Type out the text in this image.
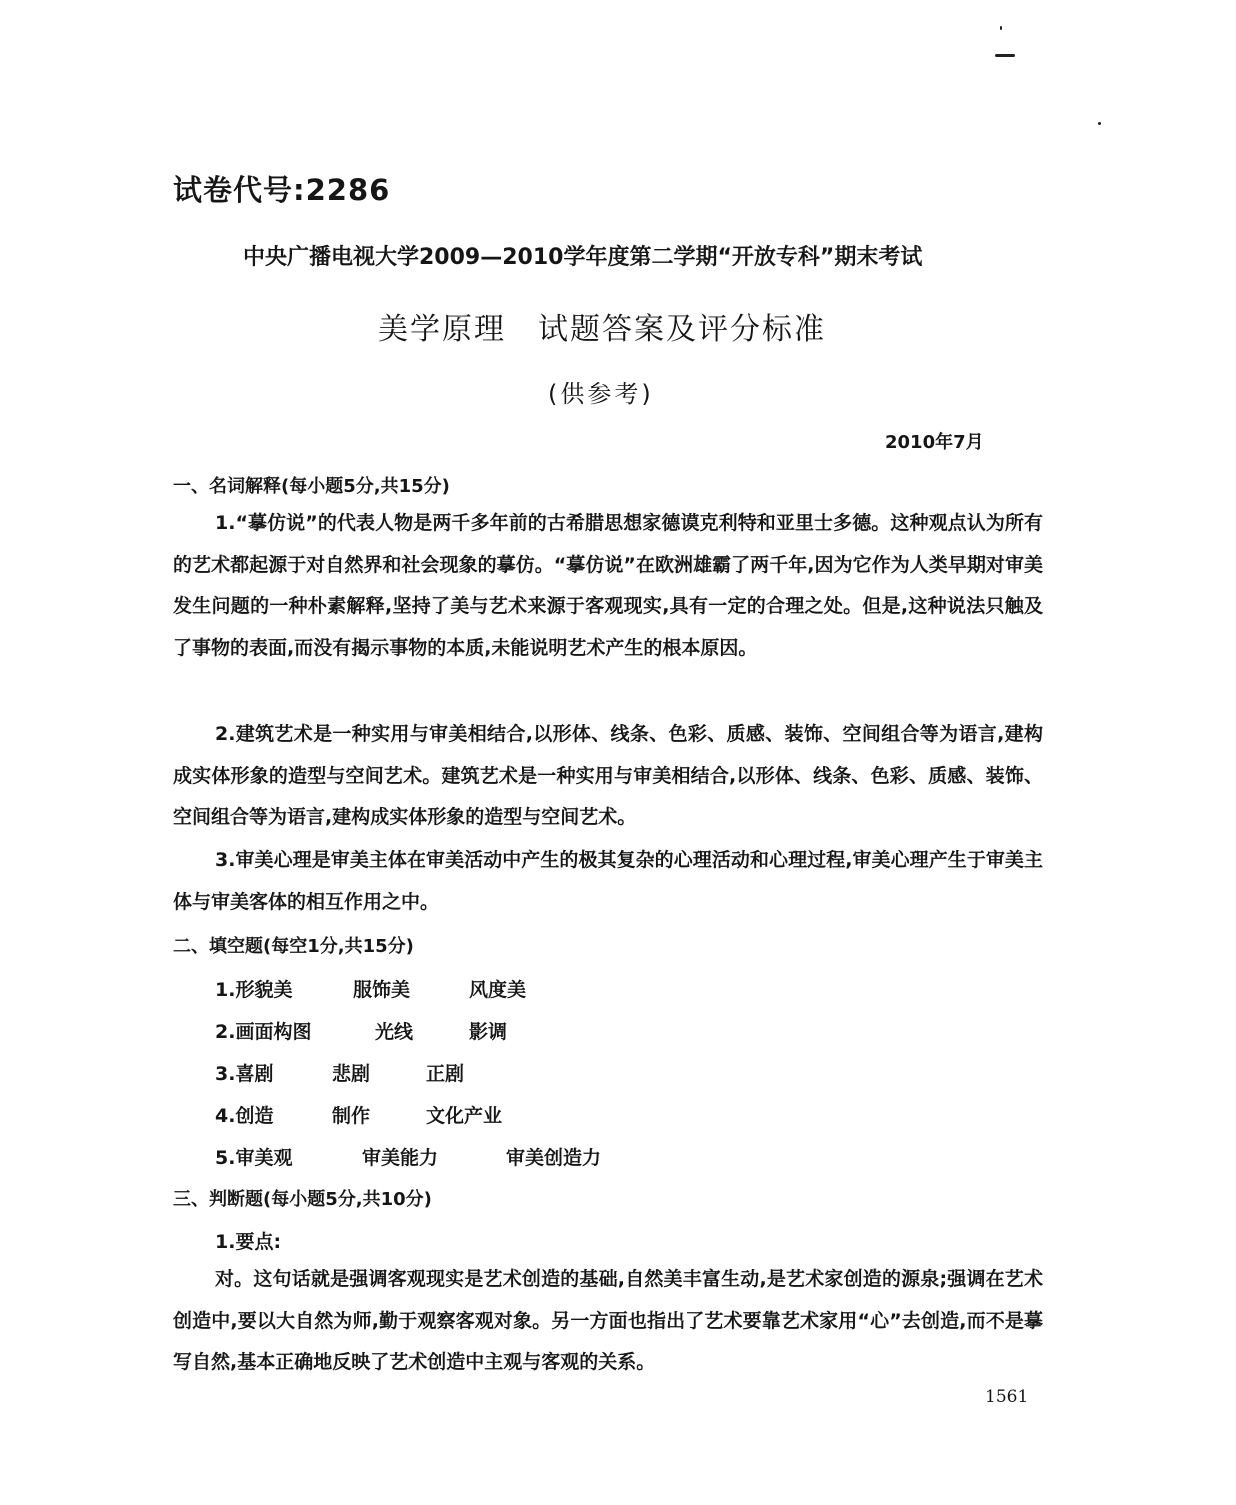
试卷代号:2286
中央广播电视大学2009—2010学年度第二学期“开放专科”期末考试
美学原理　试题答案及评分标准
(供参考)
2010年7月
一、名词解释(每小题5分,共15分)
1.“摹仿说”的代表人物是两千多年前的古希腊思想家德谟克利特和亚里士多德。这种观点认为所有的艺术都起源于对自然界和社会现象的摹仿。“摹仿说”在欧洲雄霸了两千年,因为它作为人类早期对审美发生问题的一种朴素解释,坚持了美与艺术来源于客观现实,具有一定的合理之处。但是,这种说法只触及了事物的表面,而没有揭示事物的本质,未能说明艺术产生的根本原因。
2.建筑艺术是一种实用与审美相结合,以形体、线条、色彩、质感、装饰、空间组合等为语言,建构成实体形象的造型与空间艺术。建筑艺术是一种实用与审美相结合,以形体、线条、色彩、质感、装饰、空间组合等为语言,建构成实体形象的造型与空间艺术。
3.审美心理是审美主体在审美活动中产生的极其复杂的心理活动和心理过程,审美心理产生于审美主体与审美客体的相互作用之中。
二、填空题(每空1分,共15分)
1.形貌美	服饰美	风度美
2.画面构图	光线	影调
3.喜剧	悲剧	正剧
4.创造	制作	文化产业
5.审美观	审美能力	审美创造力
三、判断题(每小题5分,共10分)
1.要点:
对。这句话就是强调客观现实是艺术创造的基础,自然美丰富生动,是艺术家创造的源泉;强调在艺术创造中,要以大自然为师,勤于观察客观对象。另一方面也指出了艺术要靠艺术家用“心”去创造,而不是摹写自然,基本正确地反映了艺术创造中主观与客观的关系。
1561
